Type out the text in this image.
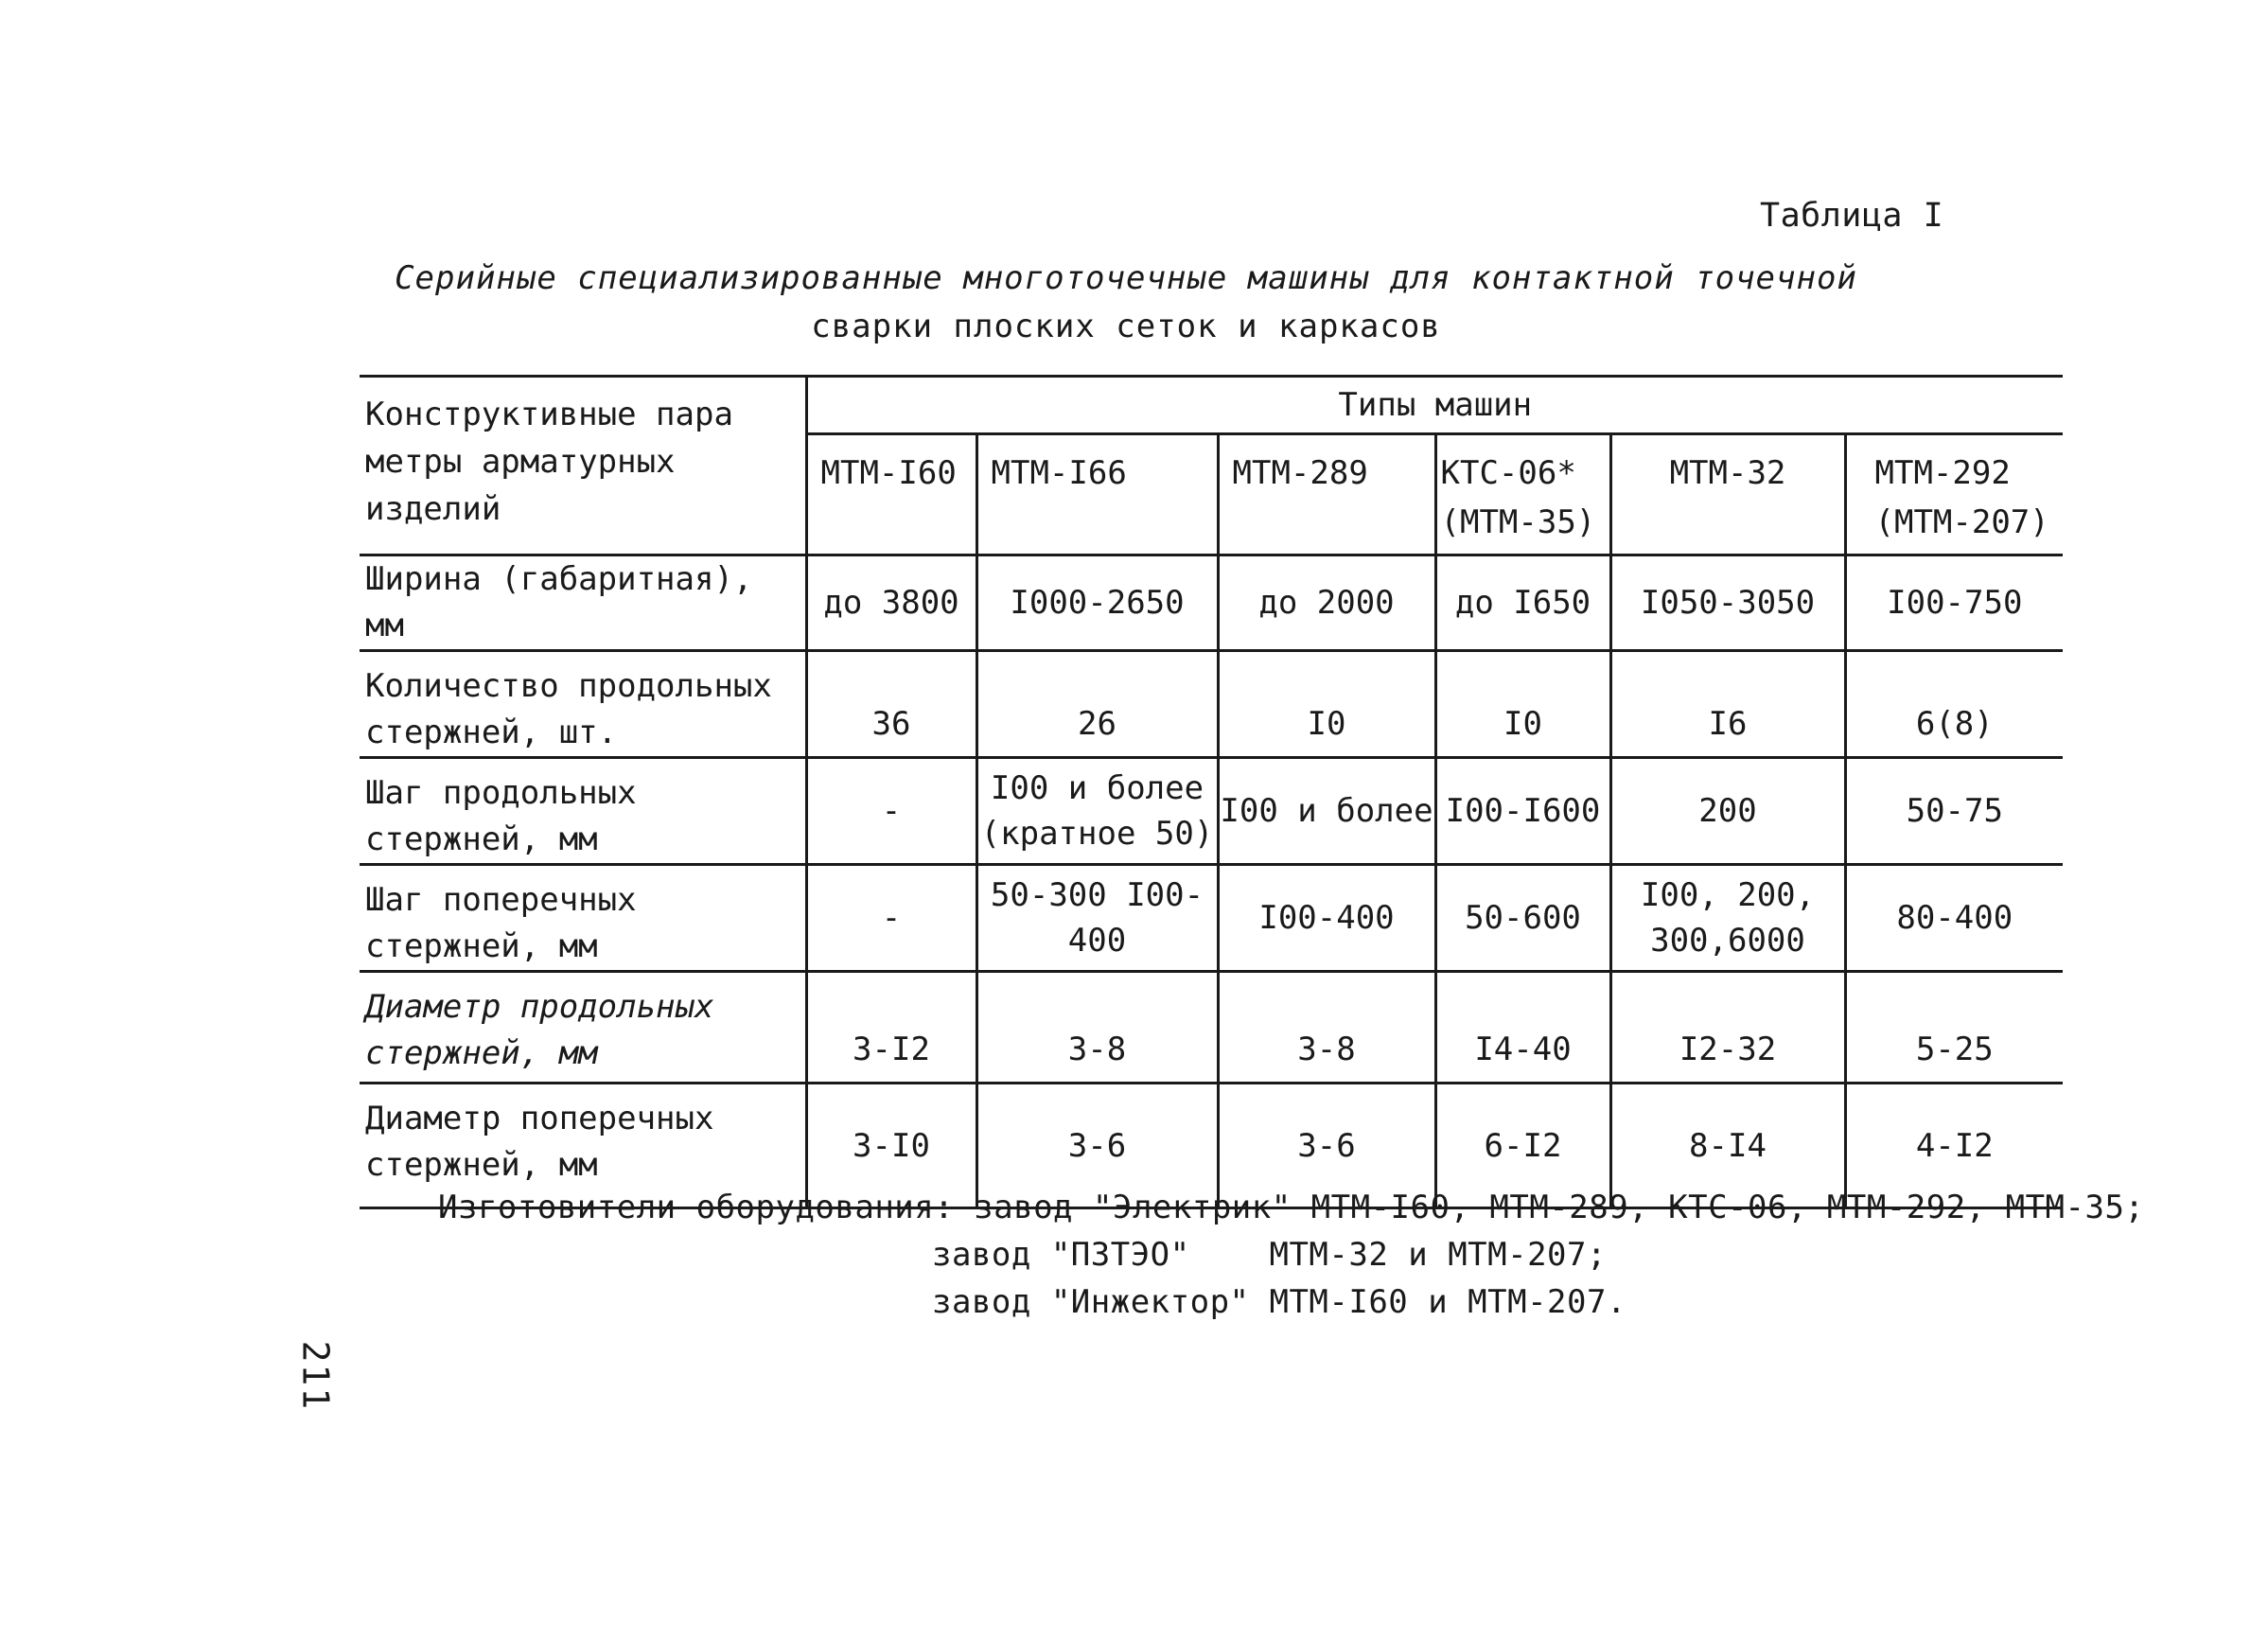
Таблица I
Серийные специализированные многоточечные машины для контактной точечной
сварки плоских сеток и каркасов
Конструктивные пара метры арматурных изделий	Типы машин					
	МТМ-I60	МТМ-I66	МТМ-289	КТС-06* (МТМ-35)	МТМ-32	МТМ-292 (МТМ-207)
Ширина (габаритная), мм	до 3800	I000-2650	до 2000	до I650	I050-3050	I00-750
Количество продольных стержней, шт.	36	26	I0	I0	I6	6(8)
Шаг продольных стержней, мм	-	I00 и более (кратное 50)	I00 и более	I00-I600	200	50-75
Шаг поперечных стержней, мм	-	50-300 I00-400	I00-400	50-600	I00, 200, 300,6000	80-400
Диаметр продольных стержней, мм	3-I2	3-8	3-8	I4-40	I2-32	5-25
Диаметр поперечных стержней, мм	3-I0	3-6	3-6	6-I2	8-I4	4-I2
Изготовители оборудования: завод "Электрик" МТМ-I60, МТМ-289, КТС-06, МТМ-292, МТМ-35;
завод "ПЗТЭО"    МТМ-32 и МТМ-207;
завод "Инжектор" МТМ-I60 и МТМ-207.
211
